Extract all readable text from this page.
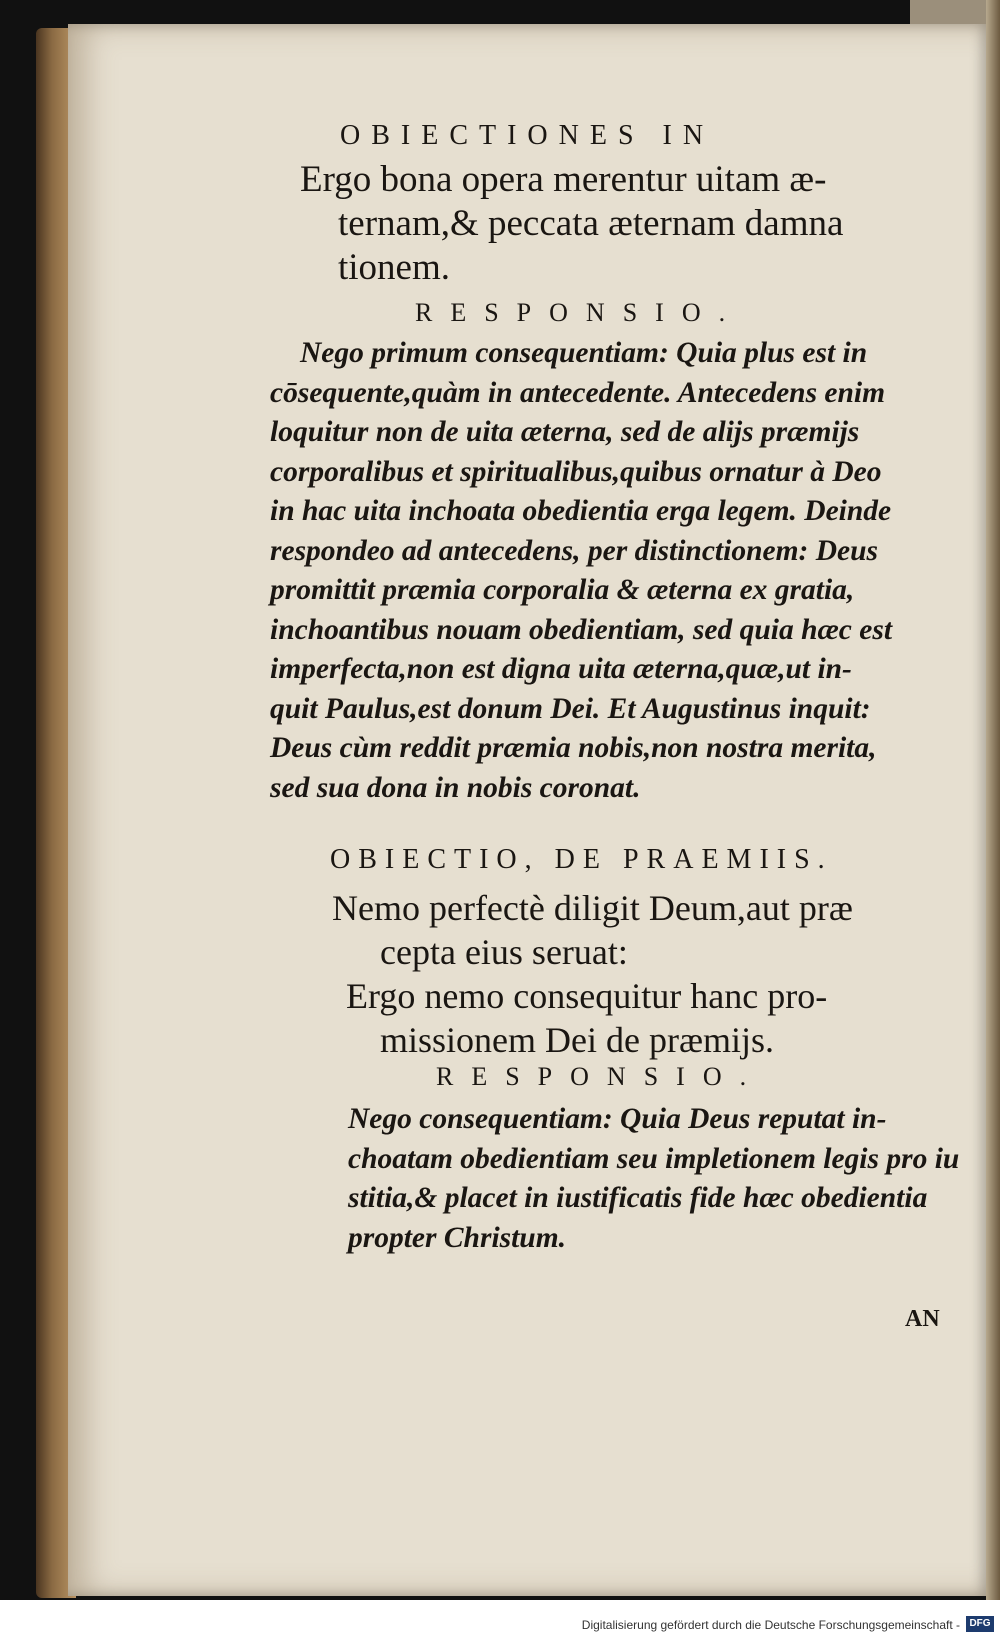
OBIECTIONES IN
Ergo bona opera merentur uitam æ-
ternam,& peccata æternam damna
tionem.
RESPONSIO.
Nego primum consequentiam: Quia plus est in
cōsequente,quàm in antecedente. Antecedens enim
loquitur non de uita æterna, sed de alijs præmijs
corporalibus et spiritualibus,quibus ornatur à Deo
in hac uita inchoata obedientia erga legem. Deinde
respondeo ad antecedens, per distinctionem: Deus
promittit præmia corporalia & æterna ex gratia,
inchoantibus nouam obedientiam, sed quia hæc est
imperfecta,non est digna uita æterna,quæ,ut in-
quit Paulus,est donum Dei. Et Augustinus inquit:
Deus cùm reddit præmia nobis,non nostra merita,
sed sua dona in nobis coronat.
OBIECTIO, DE PRAEMIIS.
Nemo perfectè diligit Deum,aut præ
cepta eius seruat:
Ergo nemo consequitur hanc pro-
missionem Dei de præmijs.
RESPONSIO.
Nego consequentiam: Quia Deus reputat in-
choatam obedientiam seu impletionem legis pro iu
stitia,& placet in iustificatis fide hæc obedientia
propter Christum.
AN
Digitalisierung gefördert durch die Deutsche Forschungsgemeinschaft - DFG
